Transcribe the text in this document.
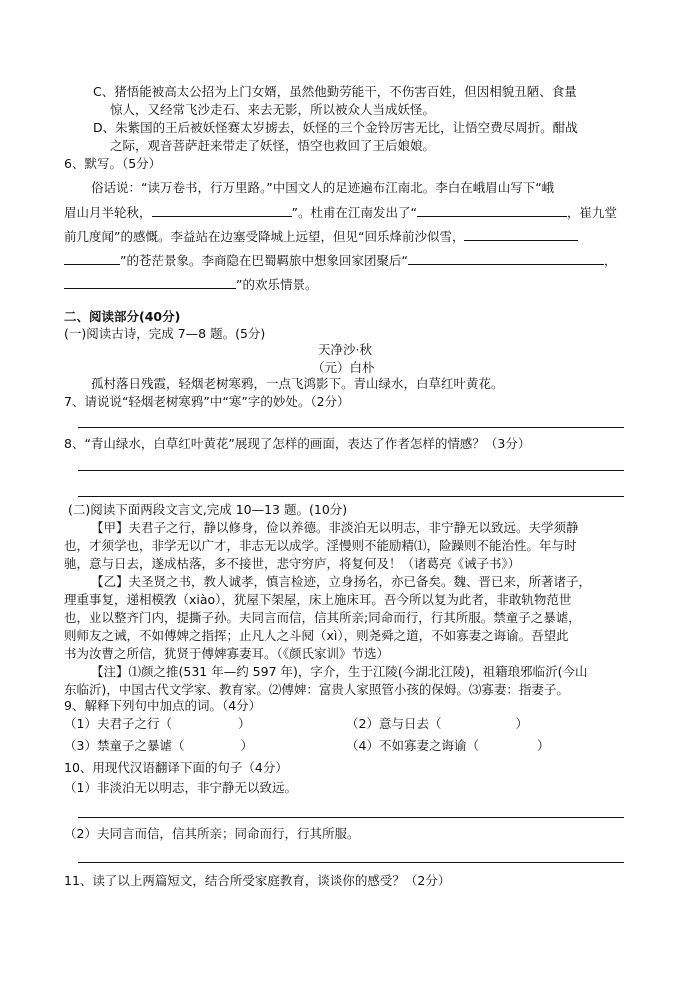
C、猪悟能被高太公招为上门女婿，虽然他勤劳能干，不伤害百姓，但因相貌丑陋、食量
惊人，又经常飞沙走石、来去无影，所以被众人当成妖怪。
D、朱紫国的王后被妖怪赛太岁掳去，妖怪的三个金铃厉害无比，让悟空费尽周折。酣战
之际，观音菩萨赶来带走了妖怪，悟空也救回了王后娘娘。
6、默写。（5分）
俗话说：“读万卷书，行万里路。”中国文人的足迹遍布江南北。李白在峨眉山写下“峨
眉山月半轮秋，	”。杜甫在江南发出了“	，崔九堂
前几度闻”的感慨。李益站在边塞受降城上远望，但见“回乐烽前沙似雪，
”的苍茫景象。李商隐在巴蜀羁旅中想象回家团聚后“	，
”的欢乐情景。
二、阅读部分(40分)
(一)阅读古诗，完成 7—8 题。(5分)
天净沙·秋
（元）白朴
孤村落日残霞，轻烟老树寒鸦，一点飞鸿影下。青山绿水，白草红叶黄花。
7、请说说“轻烟老树寒鸦”中“寒”字的妙处。（2分）
8、“青山绿水，白草红叶黄花”展现了怎样的画面，表达了作者怎样的情感？（3分）
(二)阅读下面两段文言文,完成 10—13 题。(10分)
【甲】夫君子之行，静以修身，俭以养德。非淡泊无以明志，非宁静无以致远。夫学须静
也，才须学也，非学无以广才，非志无以成学。淫慢则不能励精⑴，险躁则不能治性。年与时
驰，意与日去，遂成枯落，多不接世，悲守穷庐，将复何及！（诸葛亮《诫子书》）
【乙】夫圣贤之书，教人诚孝，慎言检迹，立身扬名，亦已备矣。魏、晋已来，所著诸子，
理重事复，递相模敩（xiào），犹屋下架屋，床上施床耳。吾今所以复为此者，非敢轨物范世
也，业以整齐门内，提撕子孙。夫同言而信，信其所亲;同命而行，行其所服。禁童子之暴谑，
则师友之诫，不如傅婢之指挥；止凡人之斗阋（xì），则尧舜之道，不如寡妻之诲谕。吾望此
书为汝曹之所信，犹贤于傅婢寡妻耳。（《颜氏家训》节选）
【注】⑴颜之推(531 年—约 597 年)，字介，生于江陵(今湖北江陵)，祖籍琅邪临沂(今山
东临沂)，中国古代文学家、教育家。⑵傅婢：富贵人家照管小孩的保姆。⑶寡妻：指妻子。
9、解释下列句中加点的词。（4分）
（1）夫君子之行（	）	（2）意与日去（	）
（3）禁童子之暴谑（	）	（4）不如寡妻之诲谕（	）
10、用现代汉语翻译下面的句子（4分）
（1）非淡泊无以明志，非宁静无以致远。
（2）夫同言而信，信其所亲；同命而行，行其所服。
11、读了以上两篇短文，结合所受家庭教育，谈谈你的感受？（2分）
